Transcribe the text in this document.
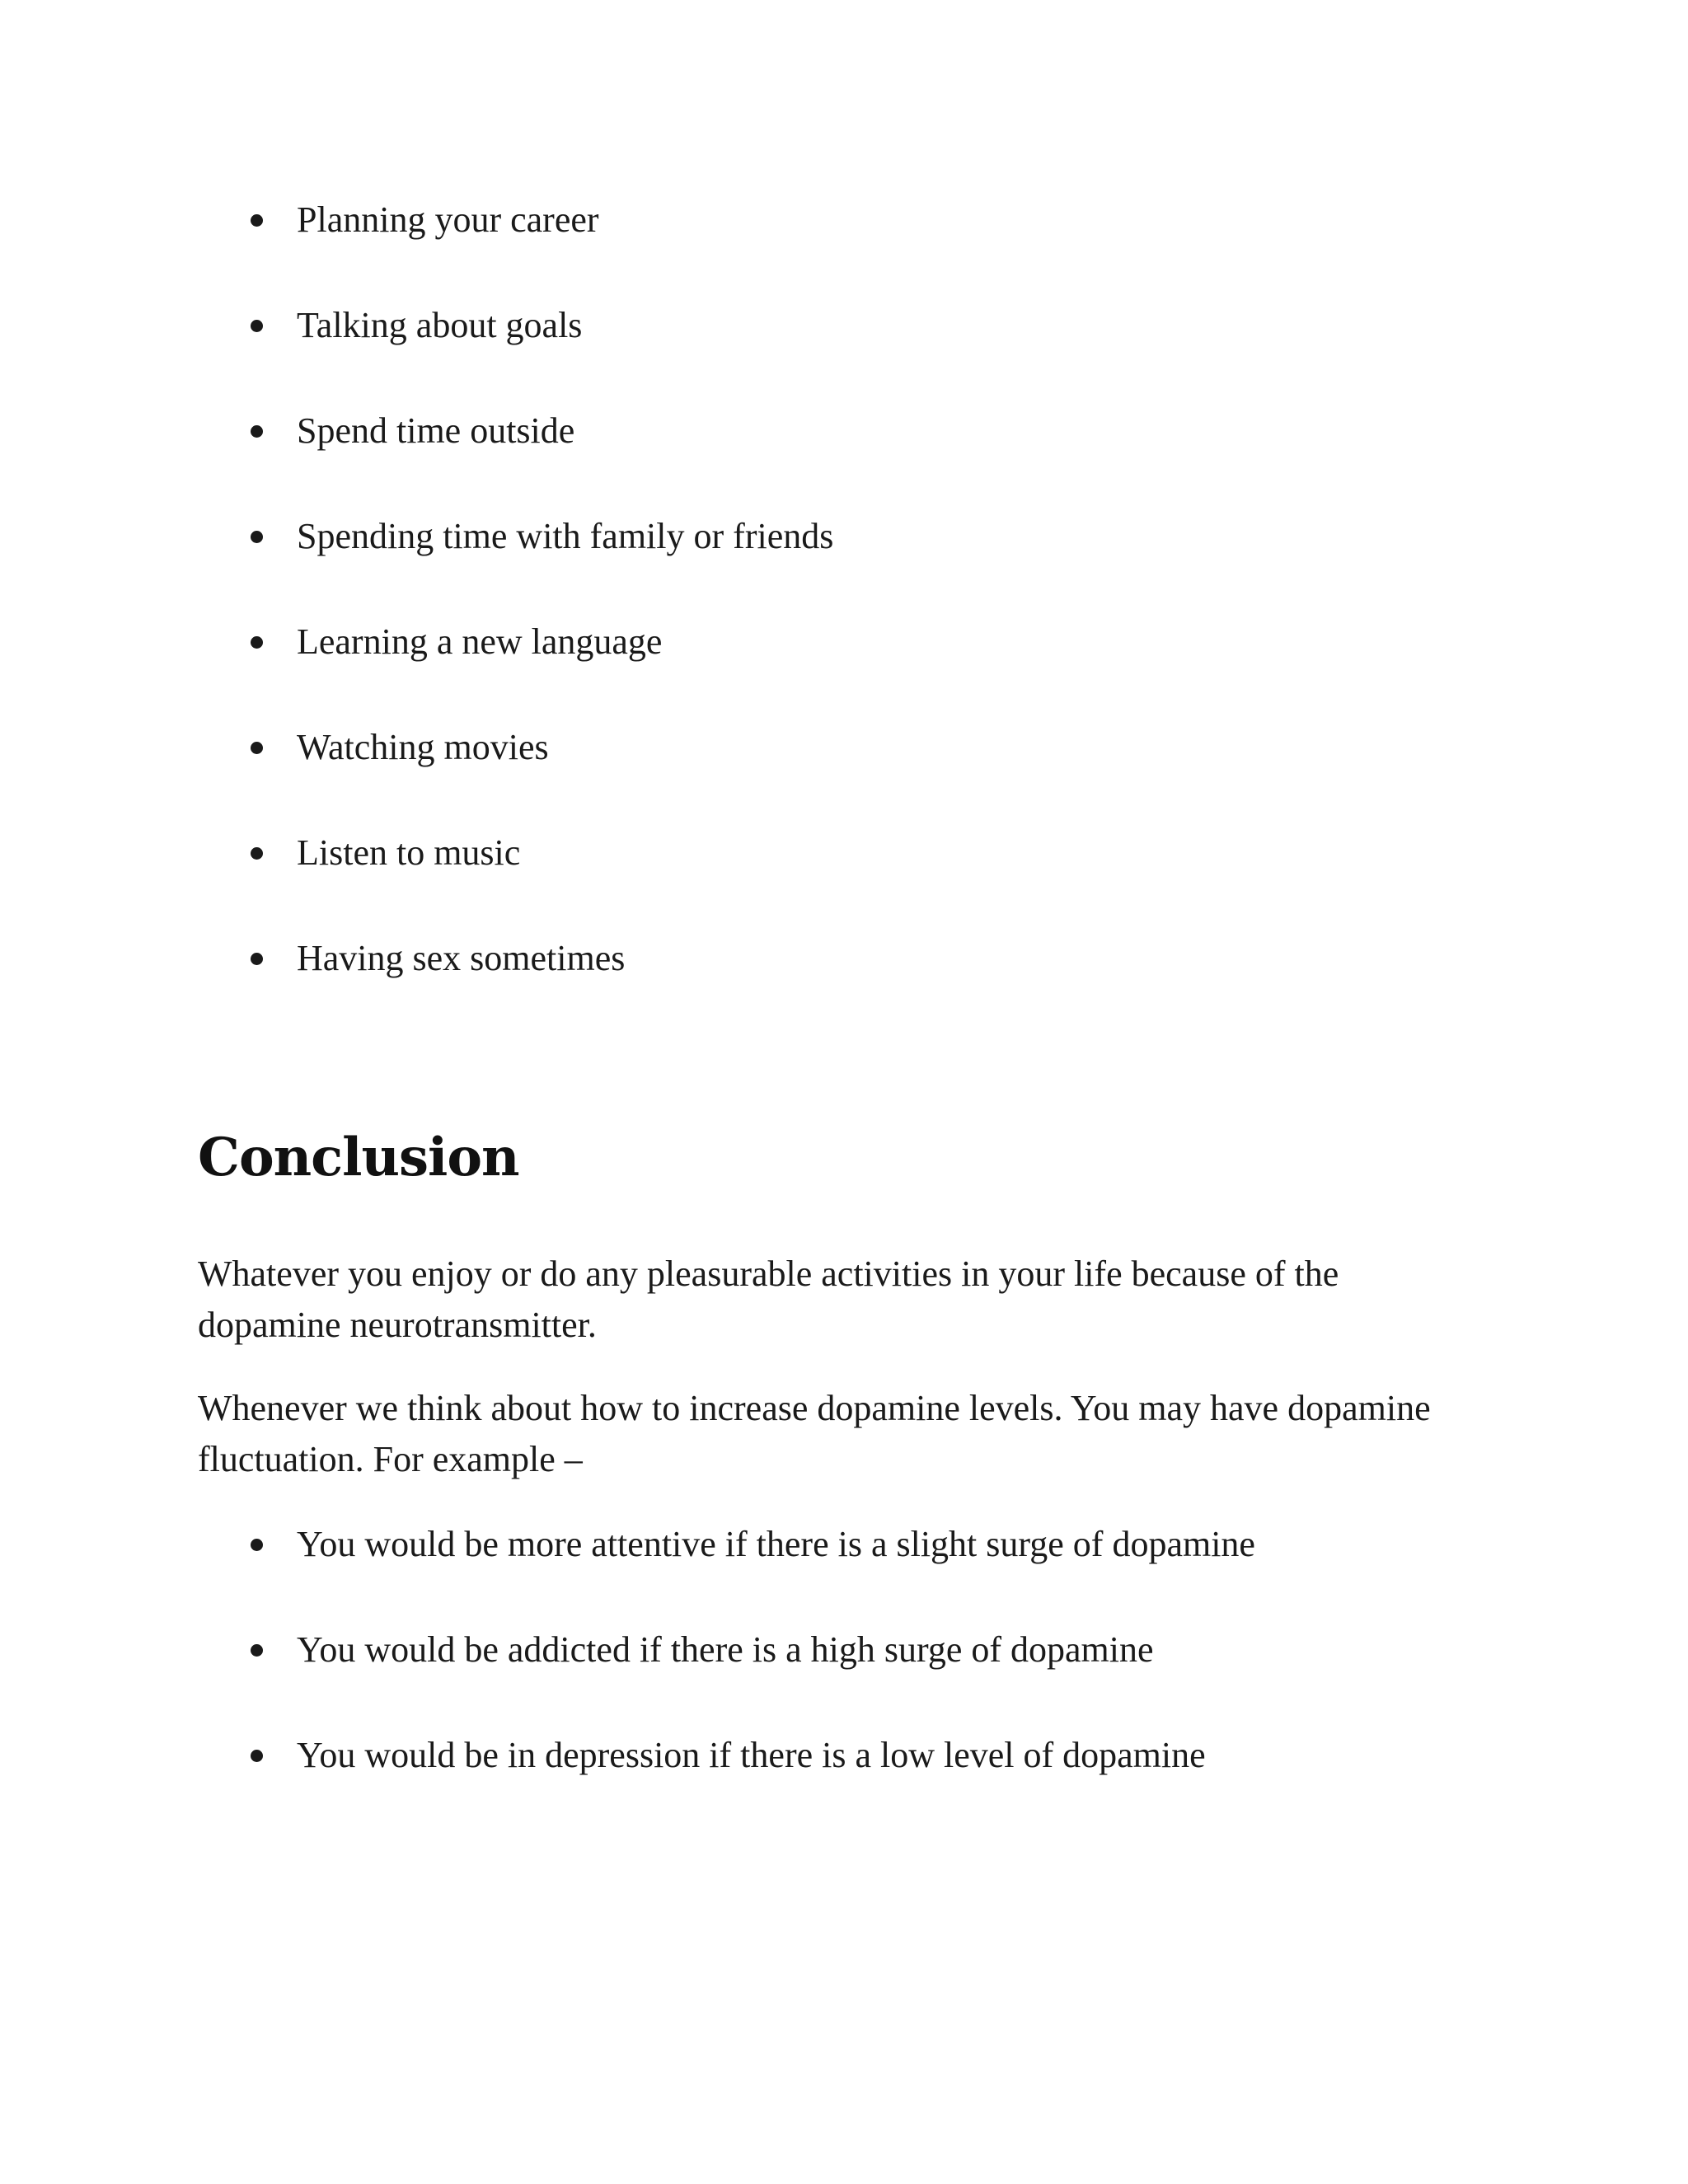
Planning your career
Talking about goals
Spend time outside
Spending time with family or friends
Learning a new language
Watching movies
Listen to music
Having sex sometimes
Conclusion

Whatever you enjoy or do any pleasurable activities in your life because of the dopamine neurotransmitter.

Whenever we think about how to increase dopamine levels. You may have dopamine fluctuation. For example –

You would be more attentive if there is a slight surge of dopamine
You would be addicted if there is a high surge of dopamine
You would be in depression if there is a low level of dopamine
